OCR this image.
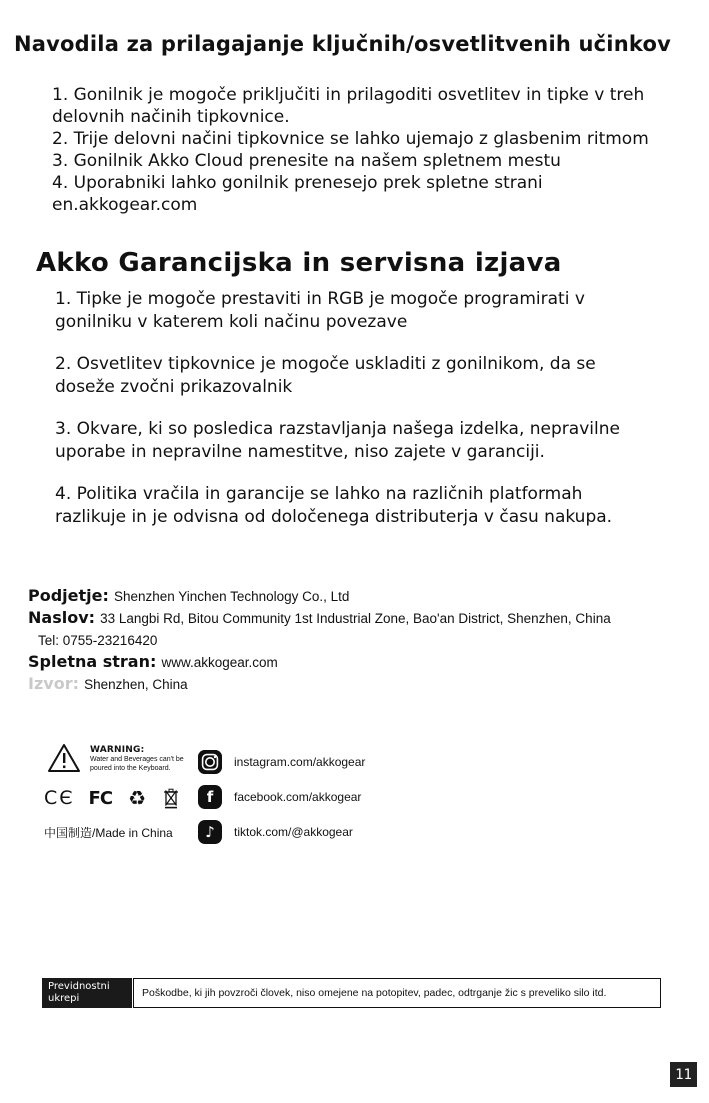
Navodila za prilagajanje ključnih/osvetlitvenih učinkov

1. Gonilnik je mogoče priključiti in prilagoditi osvetlitev in tipke v treh delovnih načinih tipkovnice.

2. Trije delovni načini tipkovnice se lahko ujemajo z glasbenim ritmom

3. Gonilnik Akko Cloud prenesite na našem spletnem mestu

4. Uporabniki lahko gonilnik prenesejo prek spletne strani en.akkogear.com

Akko Garancijska in servisna izjava

1. Tipke je mogoče prestaviti in RGB je mogoče programirati v gonilniku v katerem koli načinu povezave

2. Osvetlitev tipkovnice je mogoče uskladiti z gonilnikom, da se doseže zvočni prikazovalnik

3. Okvare, ki so posledica razstavljanja našega izdelka, nepravilne uporabe in nepravilne namestitve, niso zajete v garanciji.

4. Politika vračila in garancije se lahko na različnih platformah razlikuje in je odvisna od določenega distributerja v času nakupa.

Podjetje: Shenzhen Yinchen Technology Co., Ltd
Naslov: 33 Langbi Rd, Bitou Community 1st Industrial Zone, Bao'an District, Shenzhen, China
Tel: 0755-23216420
Spletna stran: www.akkogear.com
Izvor: Shenzhen, China
WARNING:
Water and Beverages can't be
poured into the Keyboard.
CЄ FC ♻
中国制造/Made in China
instagram.com/akkogear
f	facebook.com/akkogear
♪	tiktok.com/@akkogear
Previdnostni
ukrepi	Poškodbe, ki jih povzroči človek, niso omejene na potopitev, padec, odtrganje žic s preveliko silo itd.
11
